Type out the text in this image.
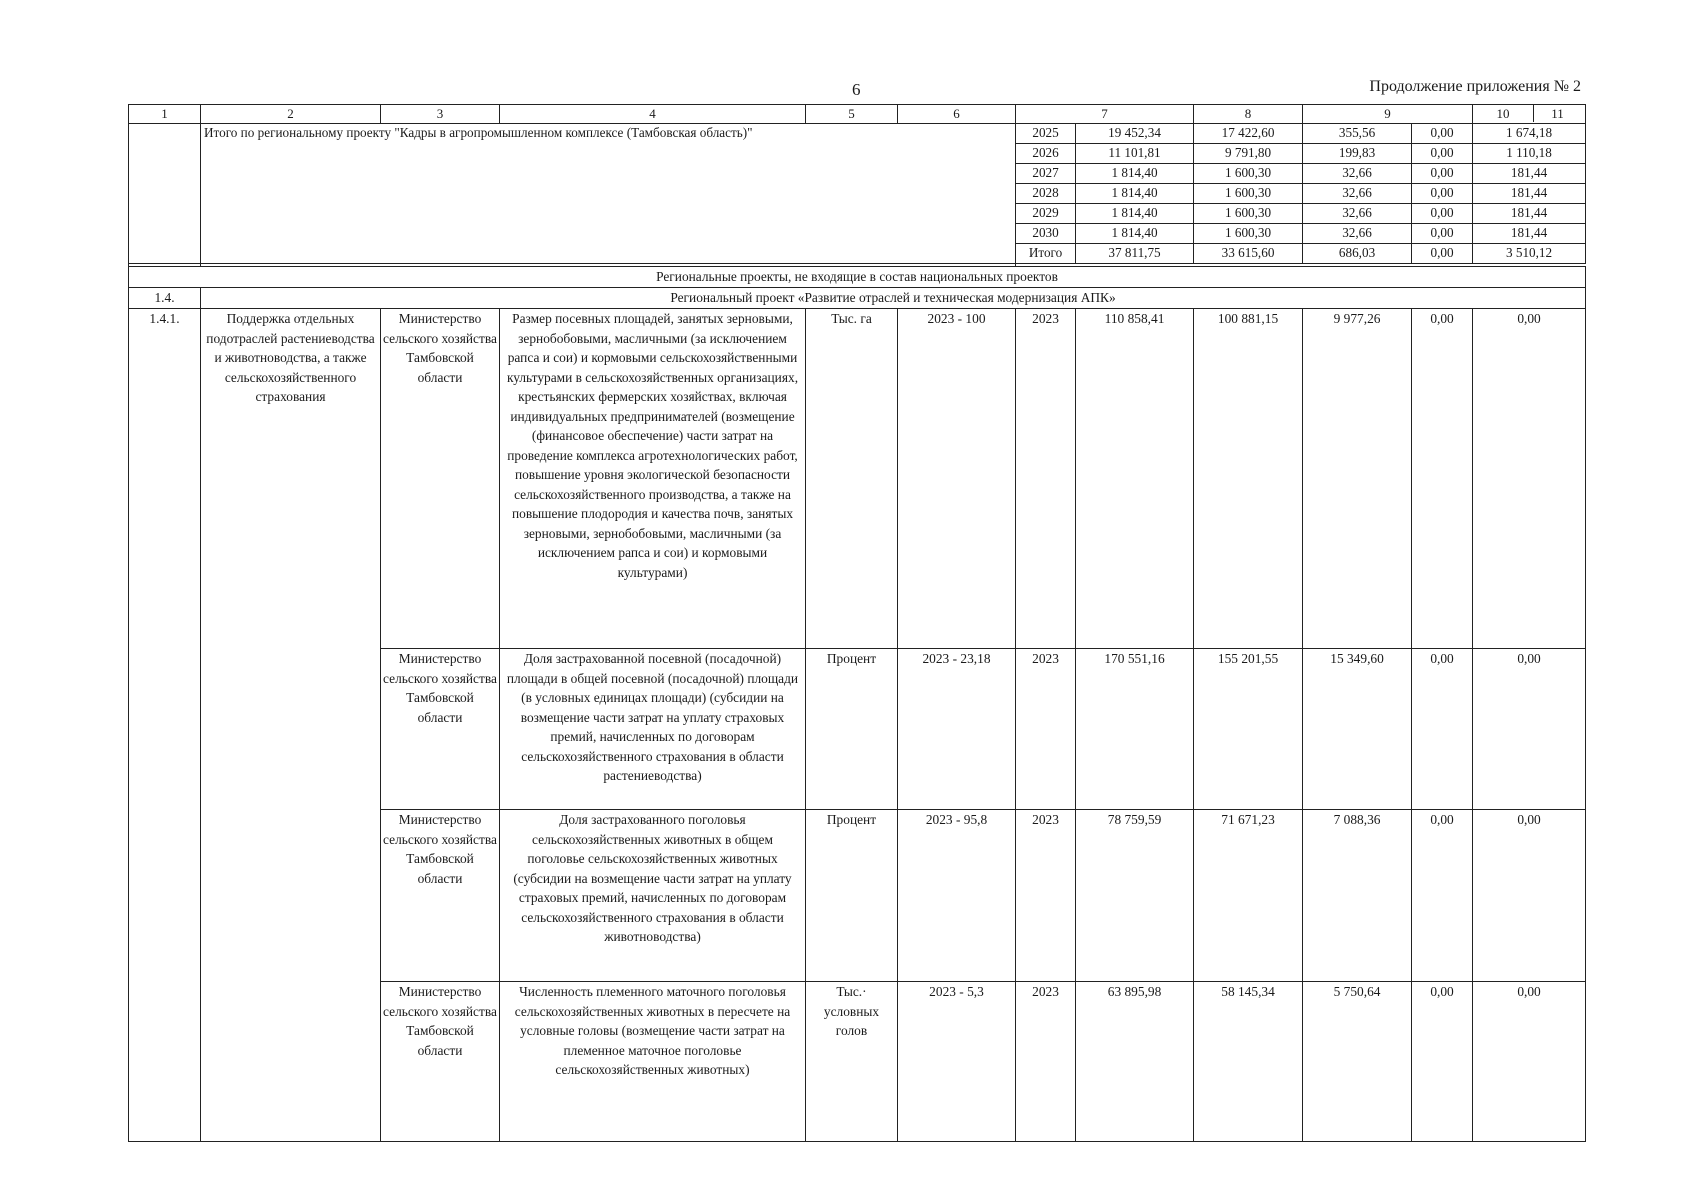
6	Продолжение приложения № 2
1	2	3	4	5	6	7	8	9	10	11
	Итого по региональному проекту "Кадры в агропромышленном комплексе (Тамбовская область)"					2025	19 452,34	17 422,60	355,56	0,00	1 674,18
						2026	11 101,81	9 791,80	199,83	0,00	1 110,18
						2027	1 814,40	1 600,30	32,66	0,00	181,44
						2028	1 814,40	1 600,30	32,66	0,00	181,44
						2029	1 814,40	1 600,30	32,66	0,00	181,44
						2030	1 814,40	1 600,30	32,66	0,00	181,44
						Итого	37 811,75	33 615,60	686,03	0,00	3 510,12

Региональные проекты, не входящие в состав национальных проектов											
1.4.	Региональный проект «Развитие отраслей и техническая модернизация АПК»										
1.4.1.	Поддержка отдельных подотраслей растениеводства и животноводства, а также сельскохозяйственного страхования	Министерство сельского хозяйства Тамбовской области	Размер посевных площадей, занятых зерновыми, зернобобовыми, масличными (за исключением рапса и сои) и кормовыми сельскохозяйственными культурами в сельскохозяйственных организациях, крестьянских фермерских хозяйствах, включая индивидуальных предпринимателей (возмещение (финансовое обеспечение) части затрат на проведение комплекса агротехнологических работ, повышение уровня экологической безопасности сельскохозяйственного производства, а также на повышение плодородия и качества почв, занятых зерновыми, зернобобовыми, масличными (за исключением рапса и сои) и кормовыми культурами)	Тыс. га	2023 - 100	2023	110 858,41	100 881,15	9 977,26	0,00	0,00
		Министерство сельского хозяйства Тамбовской области	Доля застрахованной посевной (посадочной) площади в общей посевной (посадочной) площади (в условных единицах площади) (субсидии на возмещение части затрат на уплату страховых премий, начисленных по договорам сельскохозяйственного страхования в области растениеводства)	Процент	2023 - 23,18	2023	170 551,16	155 201,55	15 349,60	0,00	0,00
		Министерство сельского хозяйства Тамбовской области	Доля застрахованного поголовья сельскохозяйственных животных в общем поголовье сельскохозяйственных животных (субсидии на возмещение части затрат на уплату страховых премий, начисленных по договорам сельскохозяйственного страхования в области животноводства)	Процент	2023 - 95,8	2023	78 759,59	71 671,23	7 088,36	0,00	0,00
		Министерство сельского хозяйства Тамбовской области	Численность племенного маточного поголовья сельскохозяйственных животных в пересчете на условные головы (возмещение части затрат на племенное маточное поголовье сельскохозяйственных животных)	Тыс.· условных голов	2023 - 5,3	2023	63 895,98	58 145,34	5 750,64	0,00	0,00
